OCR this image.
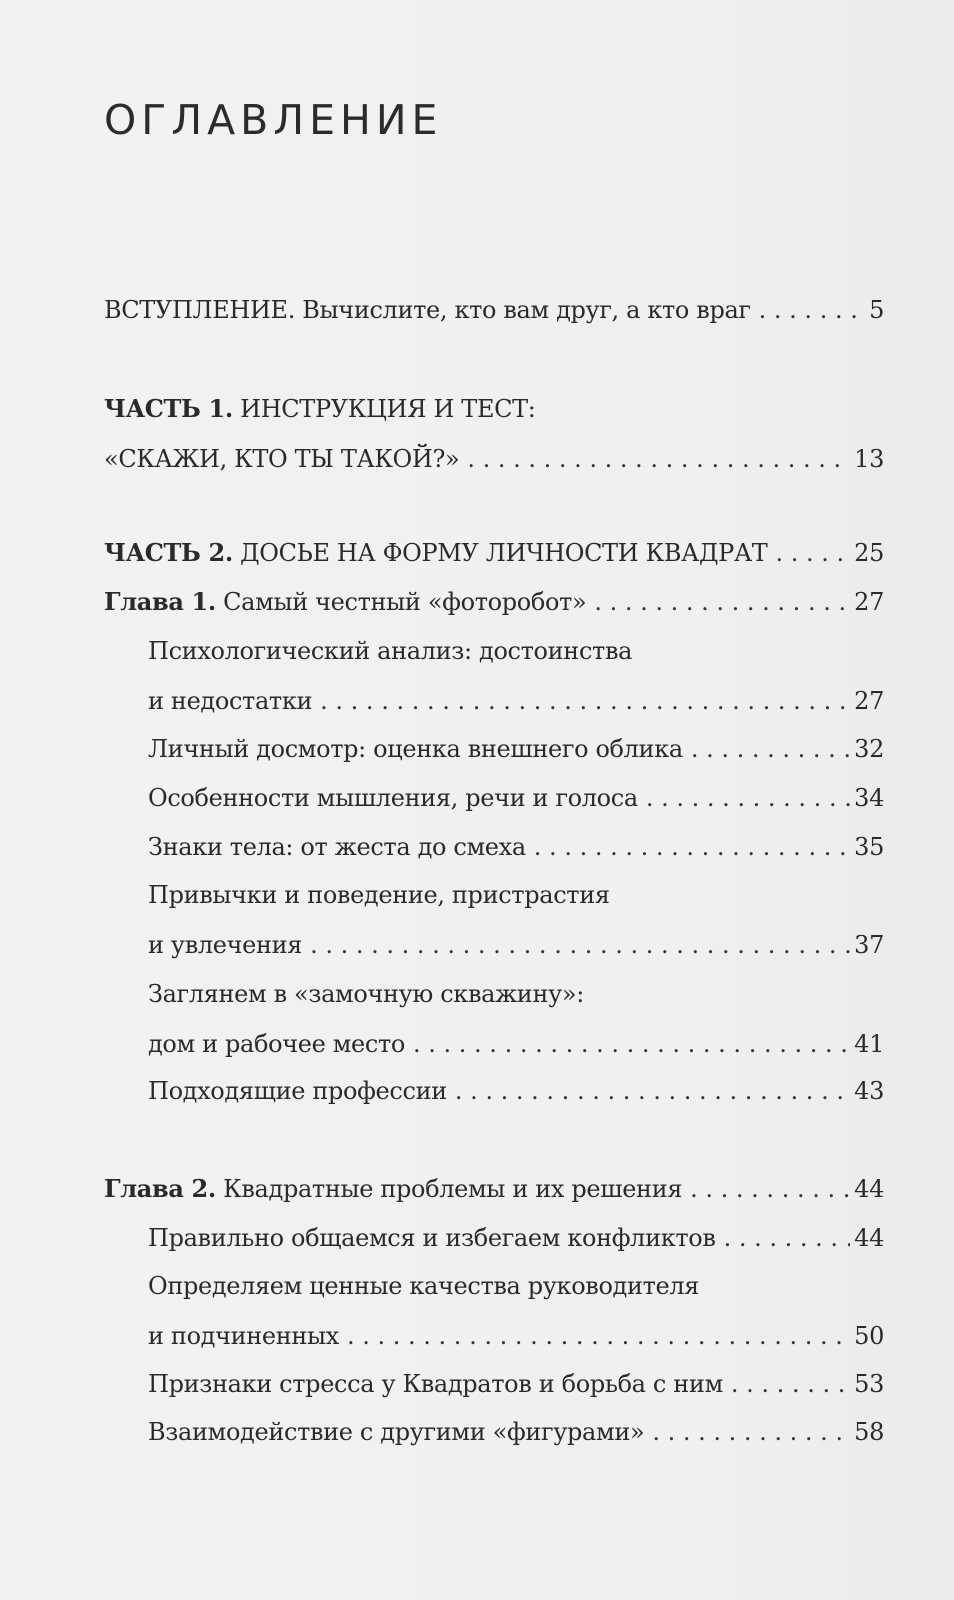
ОГЛАВЛЕНИЕ
ВСТУПЛЕНИЕ. Вычислите, кто вам друг, а кто враг . . .	5
ЧАСТЬ 1. ИНСТРУКЦИЯ И ТЕСТ:
«СКАЖИ, КТО ТЫ ТАКОЙ?» . . .	13
ЧАСТЬ 2. ДОСЬЕ НА ФОРМУ ЛИЧНОСТИ КВАДРАТ . . .	25
Глава 1. Самый честный «фоторобот» . . .	27
Психологический анализ: достоинства
и недостатки . . .	27
Личный досмотр: оценка внешнего облика . . .	32
Особенности мышления, речи и голоса . . .	34
Знаки тела: от жеста до смеха . . .	35
Привычки и поведение, пристрастия
и увлечения . . .	37
Заглянем в «замочную скважину»:
дом и рабочее место . . .	41
Подходящие профессии . . .	43
Глава 2. Квадратные проблемы и их решения . . .	44
Правильно общаемся и избегаем конфликтов . . .	44
Определяем ценные качества руководителя
и подчиненных . . .	50
Признаки стресса у Квадратов и борьба с ним . . .	53
Взаимодействие с другими «фигурами» . . .	58
